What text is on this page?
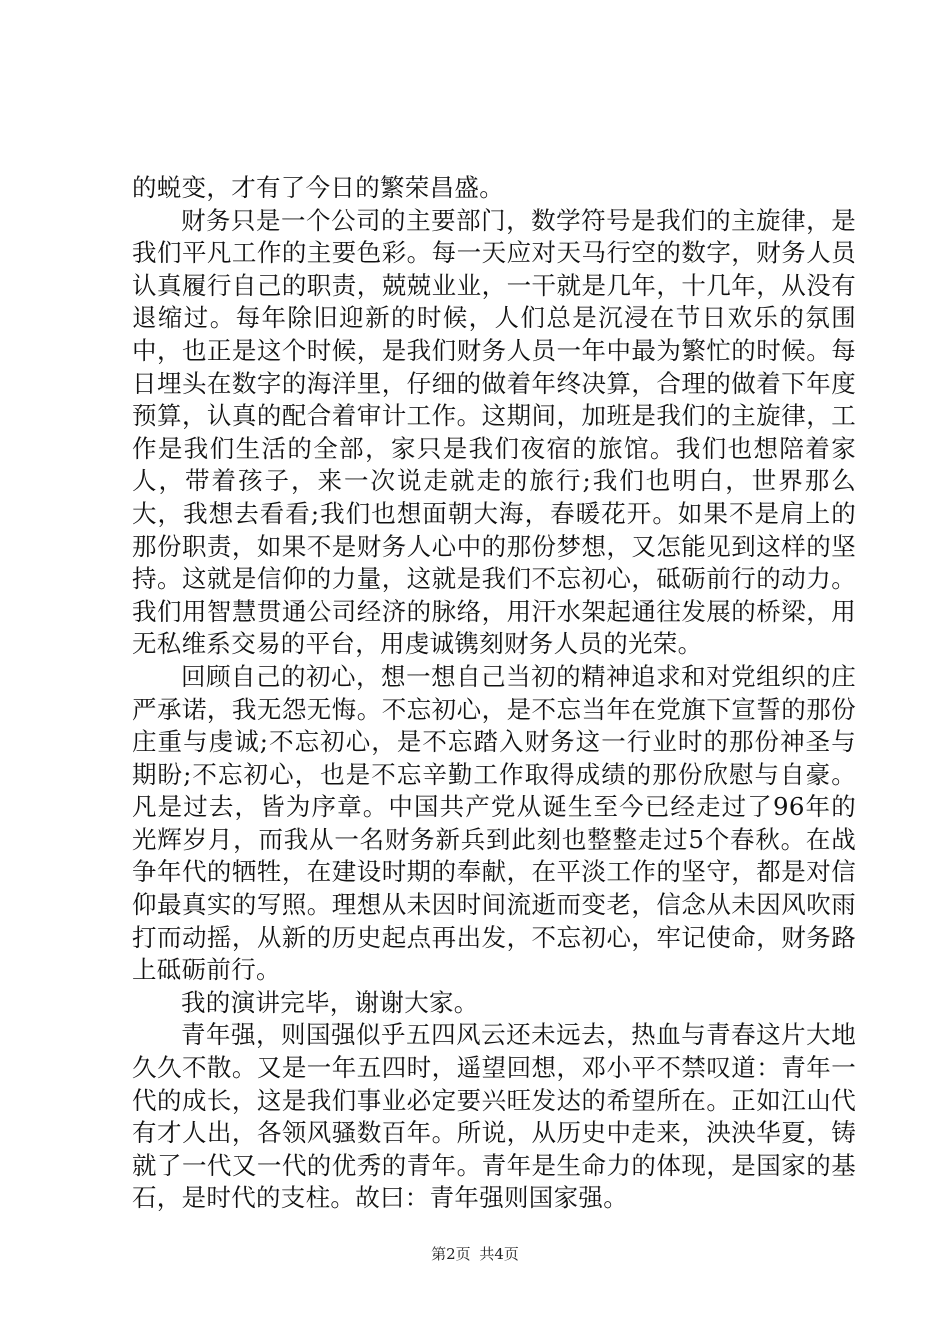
的蜕变，才有了今日的繁荣昌盛。

财务只是一个公司的主要部门，数学符号是我们的主旋律，是我们平凡工作的主要色彩。每一天应对天马行空的数字，财务人员认真履行自己的职责，兢兢业业，一干就是几年，十几年，从没有退缩过。每年除旧迎新的时候，人们总是沉浸在节日欢乐的氛围中，也正是这个时候，是我们财务人员一年中最为繁忙的时候。每日埋头在数字的海洋里，仔细的做着年终决算，合理的做着下年度预算，认真的配合着审计工作。这期间，加班是我们的主旋律，工作是我们生活的全部，家只是我们夜宿的旅馆。我们也想陪着家人，带着孩子，来一次说走就走的旅行;我们也明白，世界那么大，我想去看看;我们也想面朝大海，春暖花开。如果不是肩上的那份职责，如果不是财务人心中的那份梦想，又怎能见到这样的坚持。这就是信仰的力量，这就是我们不忘初心，砥砺前行的动力。我们用智慧贯通公司经济的脉络，用汗水架起通往发展的桥梁，用无私维系交易的平台，用虔诚镌刻财务人员的光荣。

回顾自己的初心，想一想自己当初的精神追求和对党组织的庄严承诺，我无怨无悔。不忘初心，是不忘当年在党旗下宣誓的那份庄重与虔诚;不忘初心，是不忘踏入财务这一行业时的那份神圣与期盼;不忘初心，也是不忘辛勤工作取得成绩的那份欣慰与自豪。凡是过去，皆为序章。中国共产党从诞生至今已经走过了96年的光辉岁月，而我从一名财务新兵到此刻也整整走过5个春秋。在战争年代的牺牲，在建设时期的奉献，在平淡工作的坚守，都是对信仰最真实的写照。理想从未因时间流逝而变老，信念从未因风吹雨打而动摇，从新的历史起点再出发，不忘初心，牢记使命，财务路上砥砺前行。

我的演讲完毕，谢谢大家。

青年强，则国强似乎五四风云还未远去，热血与青春这片大地久久不散。又是一年五四时，遥望回想，邓小平不禁叹道：青年一代的成长，这是我们事业必定要兴旺发达的希望所在。正如江山代有才人出，各领风骚数百年。所说，从历史中走来，泱泱华夏，铸就了一代又一代的优秀的青年。青年是生命力的体现，是国家的基石，是时代的支柱。故曰：青年强则国家强。

第2页 共4页
